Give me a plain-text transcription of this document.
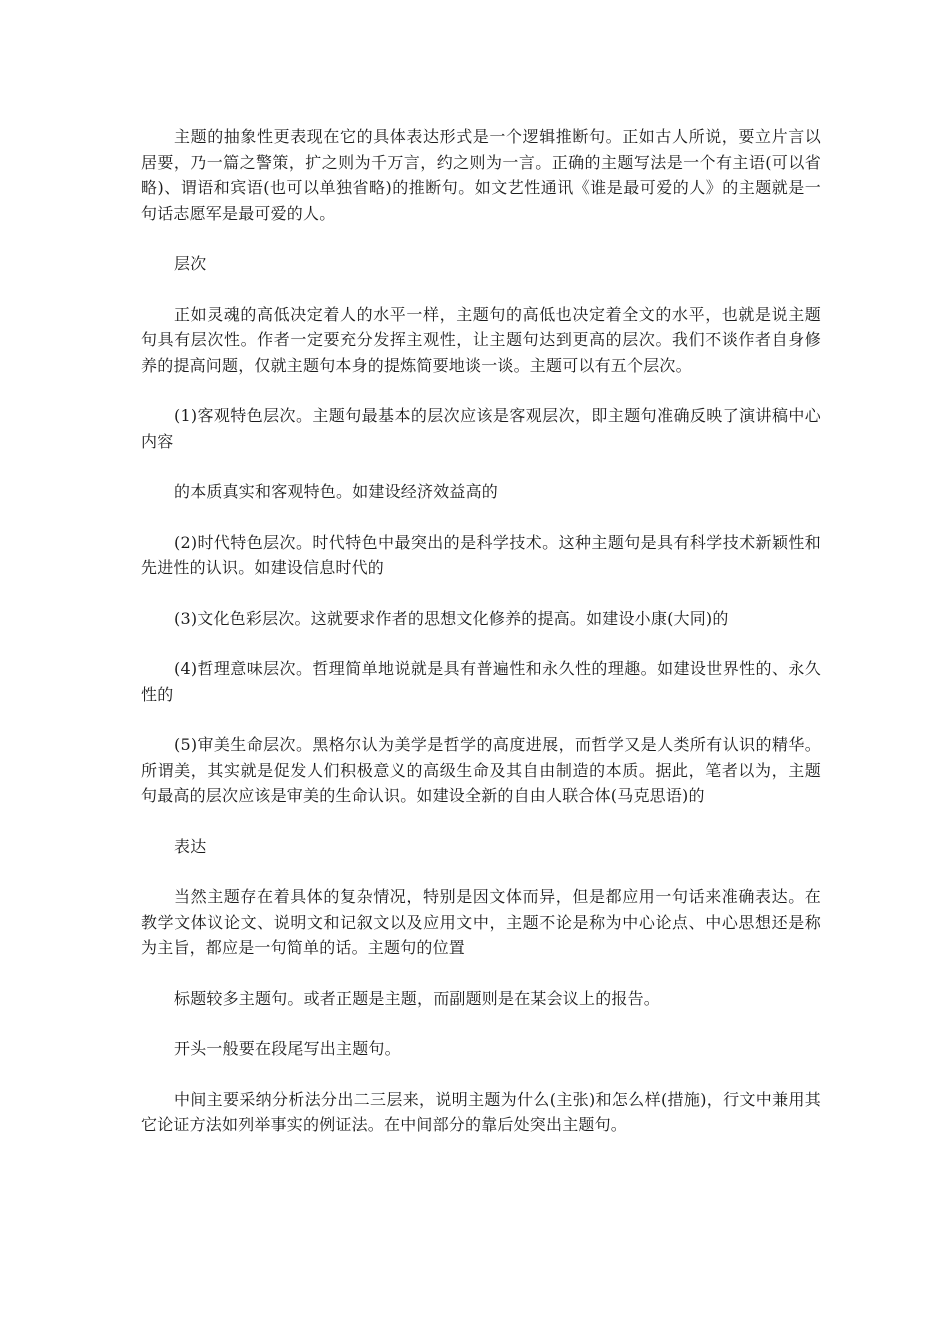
主题的抽象性更表现在它的具体表达形式是一个逻辑推断句。正如古人所说，要立片言以居要，乃一篇之警策，扩之则为千万言，约之则为一言。正确的主题写法是一个有主语(可以省略)、谓语和宾语(也可以单独省略)的推断句。如文艺性通讯《谁是最可爱的人》的主题就是一句话志愿军是最可爱的人。

层次

正如灵魂的高低决定着人的水平一样，主题句的高低也决定着全文的水平，也就是说主题句具有层次性。作者一定要充分发挥主观性，让主题句达到更高的层次。我们不谈作者自身修养的提高问题，仅就主题句本身的提炼简要地谈一谈。主题可以有五个层次。

(1)客观特色层次。主题句最基本的层次应该是客观层次，即主题句准确反映了演讲稿中心内容

的本质真实和客观特色。如建设经济效益高的

(2)时代特色层次。时代特色中最突出的是科学技术。这种主题句是具有科学技术新颖性和先进性的认识。如建设信息时代的

(3)文化色彩层次。这就要求作者的思想文化修养的提高。如建设小康(大同)的

(4)哲理意味层次。哲理简单地说就是具有普遍性和永久性的理趣。如建设世界性的、永久性的

(5)审美生命层次。黑格尔认为美学是哲学的高度进展，而哲学又是人类所有认识的精华。所谓美，其实就是促发人们积极意义的高级生命及其自由制造的本质。据此，笔者以为，主题句最高的层次应该是审美的生命认识。如建设全新的自由人联合体(马克思语)的

表达

当然主题存在着具体的复杂情况，特别是因文体而异，但是都应用一句话来准确表达。在教学文体议论文、说明文和记叙文以及应用文中，主题不论是称为中心论点、中心思想还是称为主旨，都应是一句简单的话。主题句的位置

标题较多主题句。或者正题是主题，而副题则是在某会议上的报告。

开头一般要在段尾写出主题句。

中间主要采纳分析法分出二三层来，说明主题为什么(主张)和怎么样(措施)，行文中兼用其它论证方法如列举事实的例证法。在中间部分的靠后处突出主题句。
